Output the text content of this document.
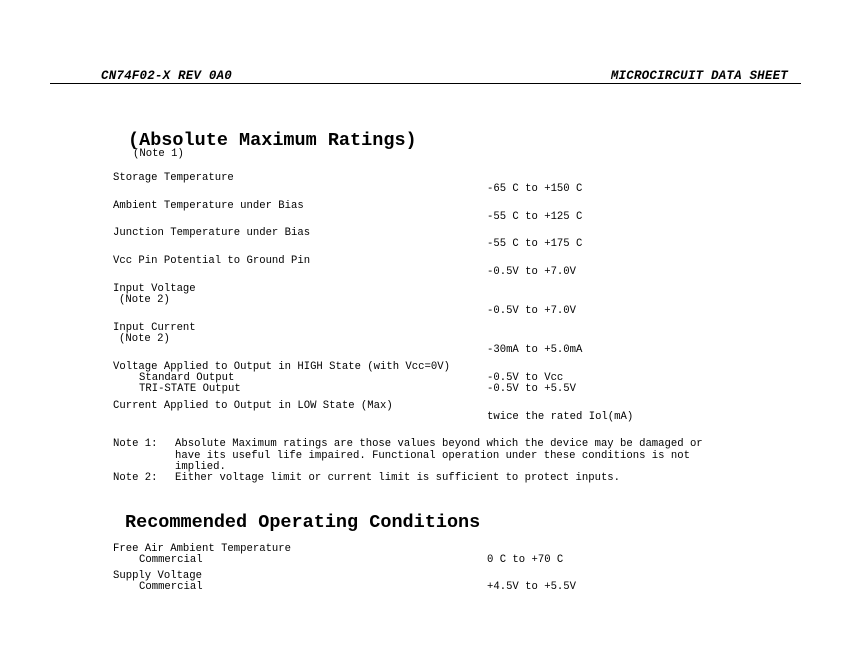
CN74F02-X REV 0A0	MICROCIRCUIT DATA SHEET
(Absolute Maximum Ratings)
(Note 1)
Storage Temperature
-65 C to +150 C
Ambient Temperature under Bias
-55 C to +125 C
Junction Temperature under Bias
-55 C to +175 C
Vcc Pin Potential to Ground Pin
-0.5V to +7.0V
Input Voltage
(Note 2)
-0.5V to +7.0V
Input Current
(Note 2)
-30mA to +5.0mA
Voltage Applied to Output in HIGH State (with Vcc=0V)
Standard Output	-0.5V to Vcc
TRI-STATE Output	-0.5V to +5.5V
Current Applied to Output in LOW State (Max)
twice the rated Iol(mA)
Note 1: Absolute Maximum ratings are those values beyond which the device may be damaged or
have its useful life impaired. Functional operation under these conditions is not
implied.
Note 2: Either voltage limit or current limit is sufficient to protect inputs.
Recommended Operating Conditions
Free Air Ambient Temperature
Commercial	0 C to +70 C
Supply Voltage
Commercial	+4.5V to +5.5V
